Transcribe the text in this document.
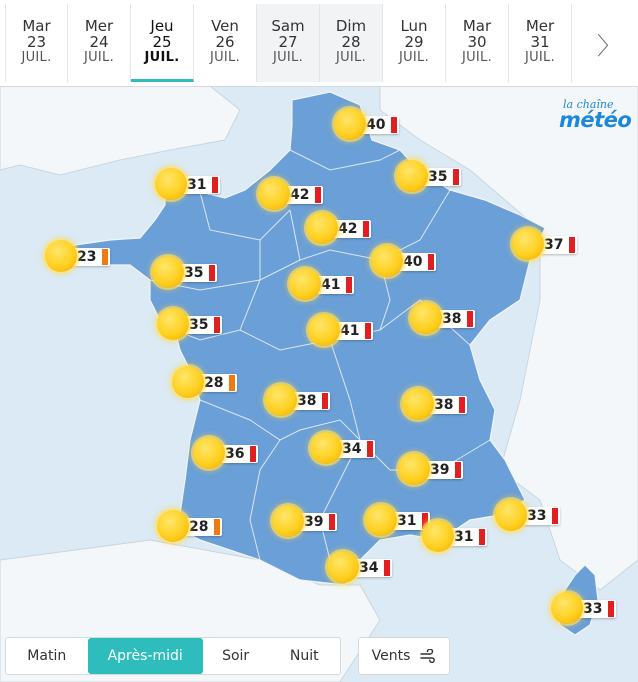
40
31
42
35
42
23
37
35
40
41
35	38
41
28
38	38
36	34
39
33
28	39	31
31
34
33
la chaîne
météo
Mar
23
JUIL.
Mer
24
JUIL.
Jeu
25
JUIL.
Ven
26
JUIL.
Sam
27
JUIL.
Dim
28
JUIL.
Lun
29
JUIL.
Mar
30
JUIL.
Mer
31
JUIL.	〉
Matin	Après-midi	Soir	Nuit	Vents
